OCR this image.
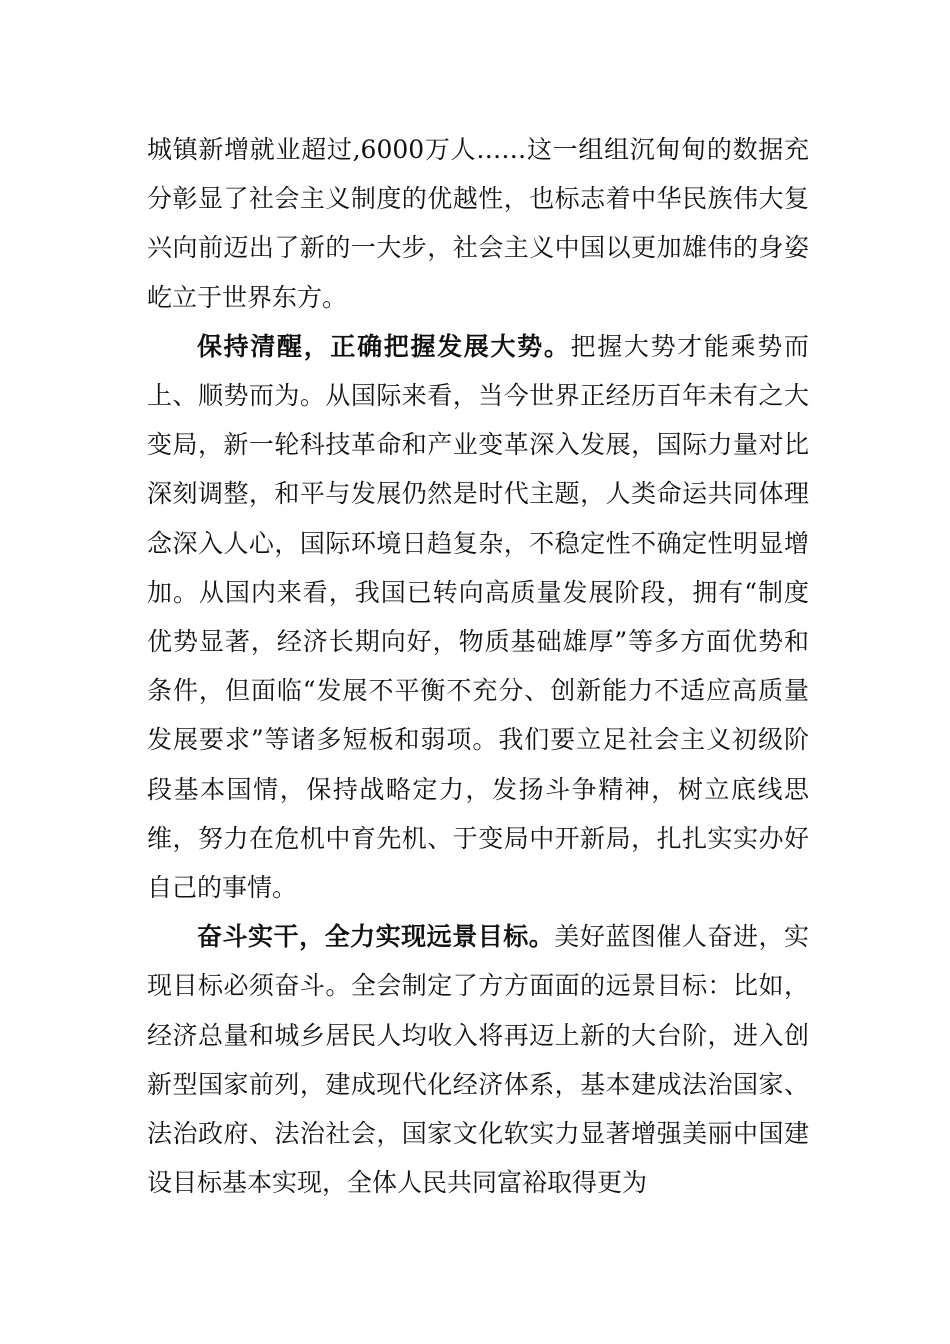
城镇新增就业超过,6000万人……这一组组沉甸甸的数据充分彰显了社会主义制度的优越性，也标志着中华民族伟大复兴向前迈出了新的一大步，社会主义中国以更加雄伟的身姿屹立于世界东方。

保持清醒，正确把握发展大势。把握大势才能乘势而上、顺势而为。从国际来看，当今世界正经历百年未有之大变局，新一轮科技革命和产业变革深入发展，国际力量对比深刻调整，和平与发展仍然是时代主题，人类命运共同体理念深入人心，国际环境日趋复杂，不稳定性不确定性明显增加。从国内来看，我国已转向高质量发展阶段，拥有“制度优势显著，经济长期向好，物质基础雄厚”等多方面优势和条件，但面临“发展不平衡不充分、创新能力不适应高质量发展要求”等诸多短板和弱项。我们要立足社会主义初级阶段基本国情，保持战略定力，发扬斗争精神，树立底线思维，努力在危机中育先机、于变局中开新局，扎扎实实办好自己的事情。

奋斗实干，全力实现远景目标。美好蓝图催人奋进，实现目标必须奋斗。全会制定了方方面面的远景目标：比如，经济总量和城乡居民人均收入将再迈上新的大台阶，进入创新型国家前列，建成现代化经济体系，基本建成法治国家、法治政府、法治社会，国家文化软实力显著增强美丽中国建设目标基本实现，全体人民共同富裕取得更为
